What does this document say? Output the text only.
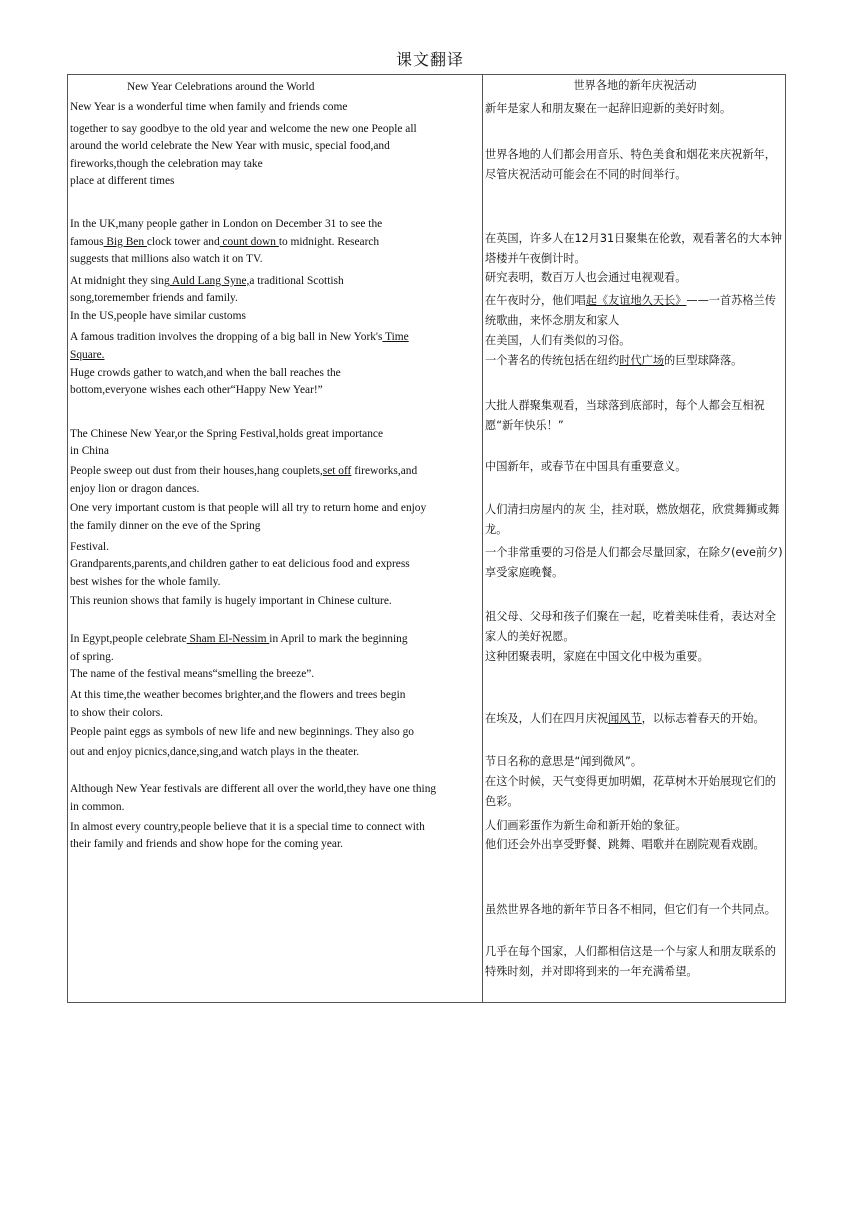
课文翻译
New Year Celebrations around the World
New Year is a wonderful time when family and friends come
together to say goodbye to the old year and welcome the new one People all
around the world celebrate the New Year with music, special food,and
fireworks,though the celebration may take
place at different times
In the UK,many people gather in London on December 31 to see the
famous Big Ben clock tower and count down to midnight. Research
suggests that millions also watch it on TV.
At midnight they sing Auld Lang Syne,a traditional Scottish
song,toremember friends and family.
In the US,people have similar customs
A famous tradition involves the dropping of a big ball in New York's Time
Square.
Huge crowds gather to watch,and when the ball reaches the
bottom,everyone wishes each other“Happy New Year!”
The Chinese New Year,or the Spring Festival,holds great importance
in China
People sweep out dust from their houses,hang couplets,set off fireworks,and
enjoy lion or dragon dances.
One very important custom is that people will all try to return home and enjoy
the family dinner on the eve of the Spring
Festival.
Grandparents,parents,and children gather to eat delicious food and express
best wishes for the whole family.
This reunion shows that family is hugely important in Chinese culture.
In Egypt,people celebrate Sham El-Nessim in April to mark the beginning
of spring.
The name of the festival means“smelling the breeze”.
At this time,the weather becomes brighter,and the flowers and trees begin
to show their colors.
People paint eggs as symbols of new life and new beginnings. They also go
out and enjoy picnics,dance,sing,and watch plays in the theater.
Although New Year festivals are different all over the world,they have one thing
in common.
In almost every country,people believe that it is a special time to connect with
their family and friends and show hope for the coming year.
世界各地的新年庆祝活动
新年是家人和朋友聚在一起辞旧迎新的美好时刻。
世界各地的人们都会用音乐、特色美食和烟花来庆祝新年，尽管庆祝活动可能会在不同的时间举行。
在英国，许多人在12月31日聚集在伦敦，观看著名的大本钟塔楼并午夜倒计时。
研究表明，数百万人也会通过电视观看。
在午夜时分，他们唱起《友谊地久天长》——一首苏格兰传统歌曲，来怀念朋友和家人
在美国，人们有类似的习俗。
一个著名的传统包括在纽约时代广场的巨型球降落。
大批人群聚集观看，当球落到底部时，每个人都会互相祝愿“新年快乐！”
中国新年，或春节在中国具有重要意义。
人们清扫房屋内的灰 尘，挂对联，燃放烟花，欣赏舞狮或舞龙。
一个非常重要的习俗是人们都会尽量回家，在除夕(eve前夕)享受家庭晚餐。
祖父母、父母和孩子们聚在一起，吃着美味佳肴，表达对全家人的美好祝愿。
这种团聚表明，家庭在中国文化中极为重要。
在埃及，人们在四月庆祝闻风节，以标志着春天的开始。
节日名称的意思是“闻到微风”。
在这个时候，天气变得更加明媚，花草树木开始展现它们的色彩。
人们画彩蛋作为新生命和新开始的象征。
他们还会外出享受野餐、跳舞、唱歌并在剧院观看戏剧。
虽然世界各地的新年节日各不相同，但它们有一个共同点。
几乎在每个国家，人们都相信这是一个与家人和朋友联系的特殊时刻，并对即将到来的一年充满希望。
